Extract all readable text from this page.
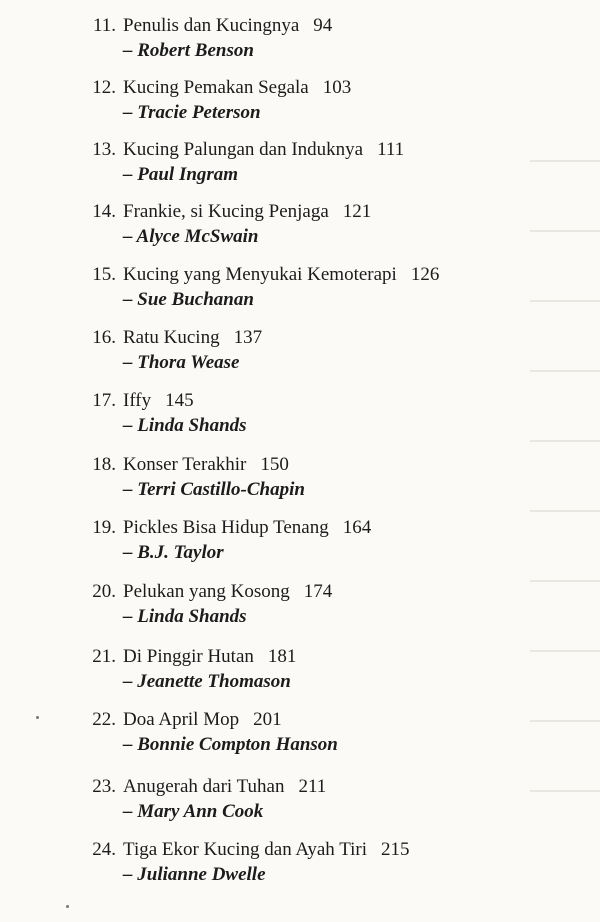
11. Penulis dan Kucingnya 94
– Robert Benson
12. Kucing Pemakan Segala 103
– Tracie Peterson
13. Kucing Palungan dan Induknya 111
– Paul Ingram
14. Frankie, si Kucing Penjaga 121
– Alyce McSwain
15. Kucing yang Menyukai Kemoterapi 126
– Sue Buchanan
16. Ratu Kucing 137
– Thora Wease
17. Iffy 145
– Linda Shands
18. Konser Terakhir 150
– Terri Castillo-Chapin
19. Pickles Bisa Hidup Tenang 164
– B.J. Taylor
20. Pelukan yang Kosong 174
– Linda Shands
21. Di Pinggir Hutan 181
– Jeanette Thomason
22. Doa April Mop 201
– Bonnie Compton Hanson
23. Anugerah dari Tuhan 211
– Mary Ann Cook
24. Tiga Ekor Kucing dan Ayah Tiri 215
– Julianne Dwelle
